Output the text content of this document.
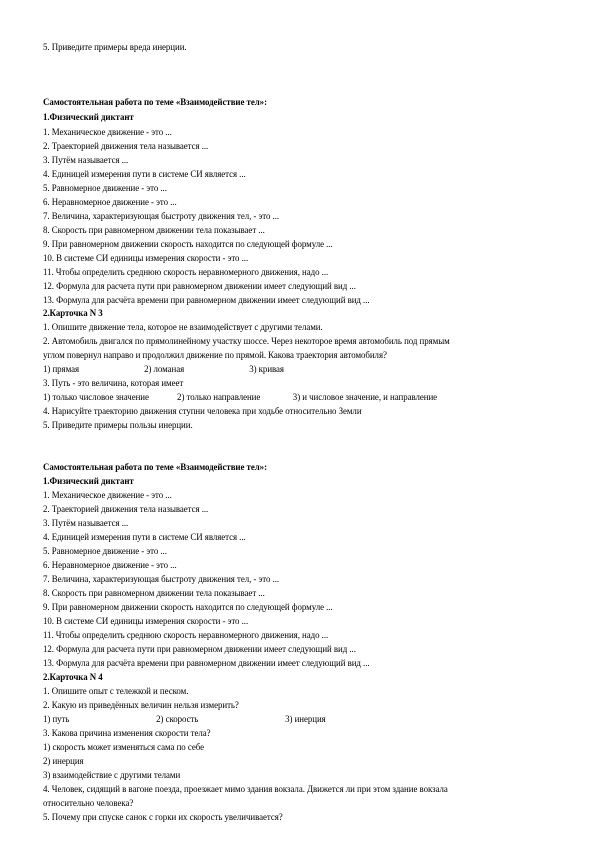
5. Приведите примеры вреда инерции.
Самостоятельная работа по теме «Взаимодействие тел»:
1.Физический диктант
1. Механическое движение - это ...
2. Траекторией движения тела называется ...
3. Путём называется ...
4. Единицей измерения пути в системе СИ является ...
5. Равномерное движение - это ...
6. Неравномерное движение - это ...
7. Величина, характеризующая быстроту движения тел, - это ...
8. Скорость при равномерном движении тела показывает ...
9. При равномерном движении скорость находится по следующей формуле ...
10. В системе СИ единицы измерения скорости - это ...
11. Чтобы определить среднюю скорость неравномерного движения, надо ...
12. Формула для расчета пути при равномерном движении имеет следующий вид ...
13. Формула для расчёта времени при равномерном движении имеет следующий вид ...
2.Карточка N 3
1. Опишите движение тела, которое не взаимодействует с другими телами.
2. Автомобиль двигался по прямолинейному участку шоссе. Через некоторое время автомобиль под прямым
углом повернул направо и продолжил движение по прямой. Какова траектория автомобиля?
1) прямая                              2) ломаная                              3) кривая
3. Путь - это величина, которая имеет
1) только числовое значение             2) только направление               3) и числовое значение, и направление
4. Нарисуйте траекторию движения ступни человека при ходьбе относительно Земли
5. Приведите примеры пользы инерции.
Самостоятельная работа по теме «Взаимодействие тел»:
1.Физический диктант
1. Механическое движение - это ...
2. Траекторией движения тела называется ...
3. Путём называется ...
4. Единицей измерения пути в системе СИ является ...
5. Равномерное движение - это ...
6. Неравномерное движение - это ...
7. Величина, характеризующая быстроту движения тел, - это ...
8. Скорость при равномерном движении тела показывает ...
9. При равномерном движении скорость находится по следующей формуле ...
10. В системе СИ единицы измерения скорости - это ...
11. Чтобы определить среднюю скорость неравномерного движения, надо ...
12. Формула для расчета пути при равномерном движении имеет следующий вид ...
13. Формула для расчёта времени при равномерном движении имеет следующий вид ...
2.Карточка N 4
1. Опишите опыт с тележкой и песком.
2. Какую из приведённых величин нельзя измерить?
1) путь                                        2) скорость                                        3) инерция
3. Какова причина изменения скорости тела?
1) скорость может изменяться сама по себе
2) инерция
3) взаимодействие с другими телами
4. Человек, сидящий в вагоне поезда, проезжает мимо здания вокзала. Движется ли при этом здание вокзала
относительно человека?
5. Почему при спуске санок с горки их скорость увеличивается?
